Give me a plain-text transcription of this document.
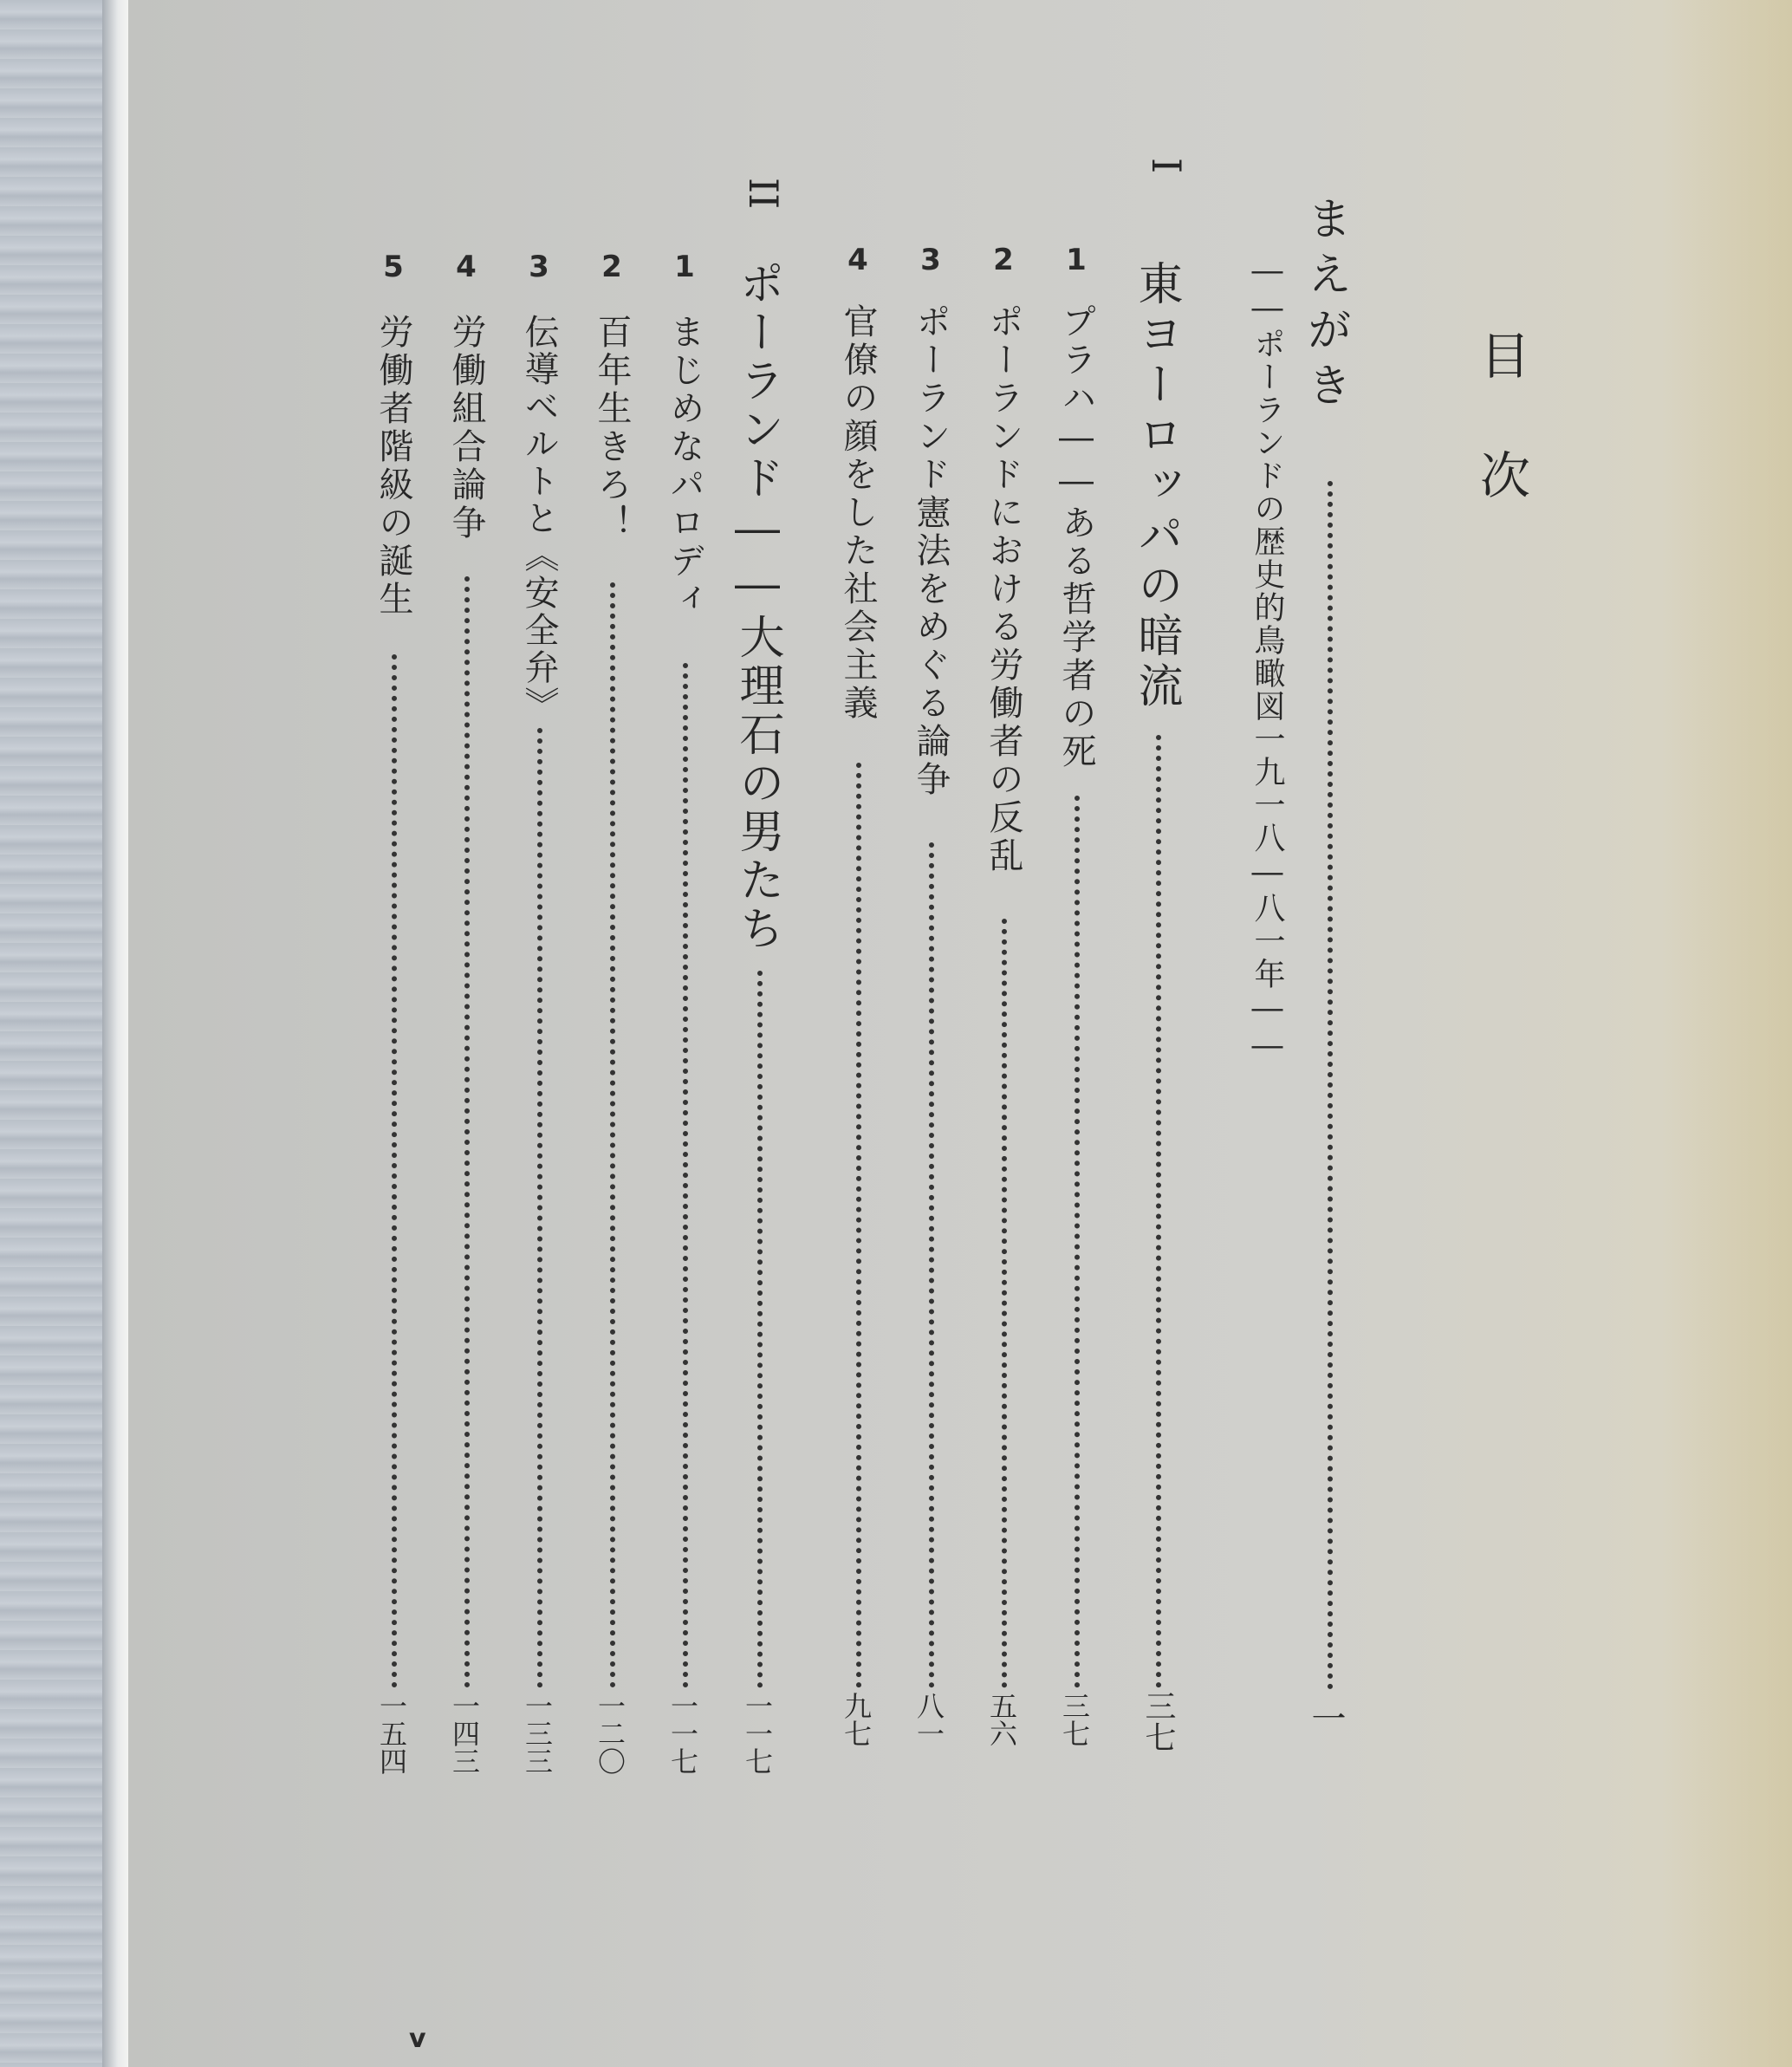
目次
まえがき
一
――ポーランドの歴史的鳥瞰図一九一八―八一年――
I
東ヨーロッパの暗流
三七
1
プラハ――ある哲学者の死
三七
2
ポーランドにおける労働者の反乱
五六
3
ポーランド憲法をめぐる論争
八一
4
官僚の顔をした社会主義
九七
II
ポーランド――大理石の男たち
一一七
1
まじめなパロディ
一一七
2
百年生きろ！
一二〇
3
伝導ベルトと《安全弁》
一三三
4
労働組合論争
一四三
5
労働者階級の誕生
一五四
v
